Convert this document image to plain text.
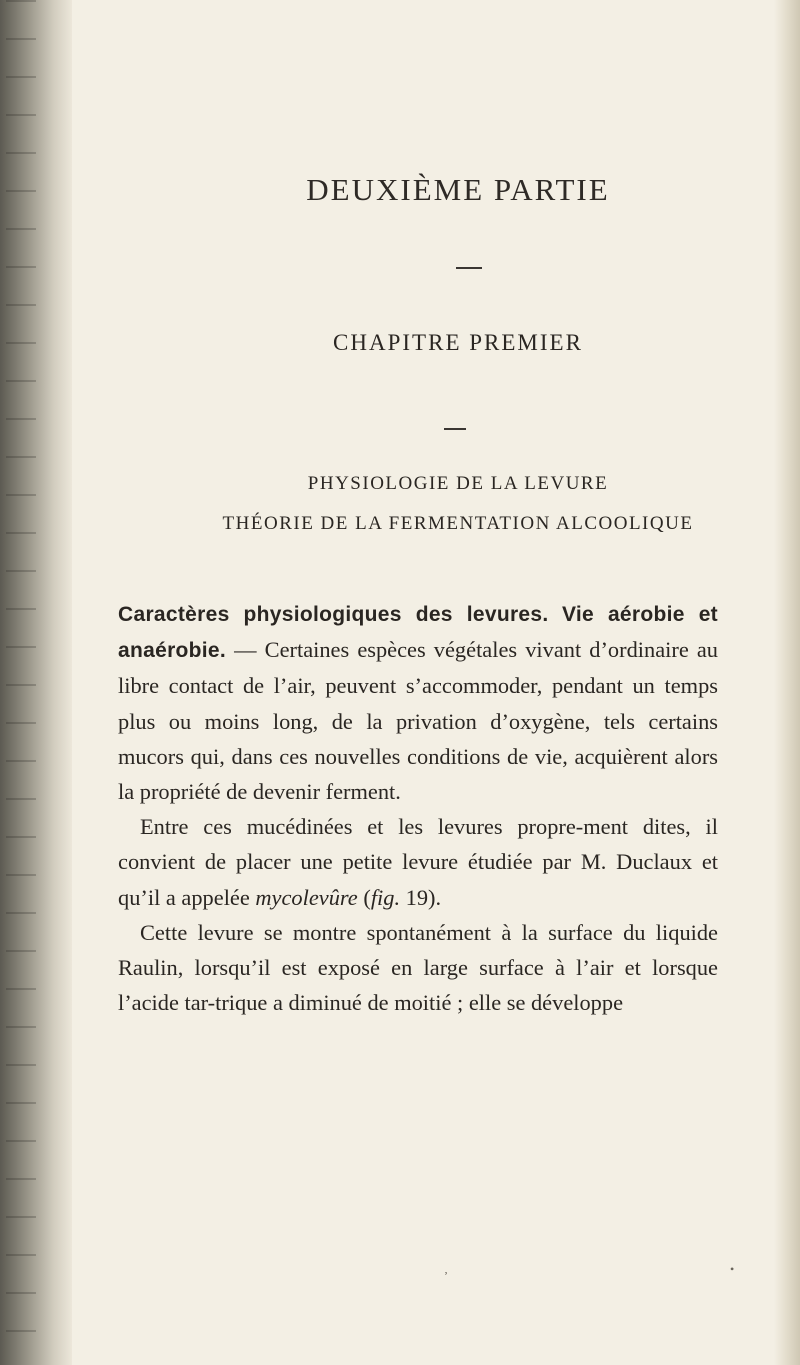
DEUXIÈME PARTIE
CHAPITRE PREMIER
PHYSIOLOGIE DE LA LEVURE
THÉORIE DE LA FERMENTATION ALCOOLIQUE

Caractères physiologiques des levures. Vie aérobie et anaérobie. — Certaines espèces végétales vivant d’ordinaire au libre contact de l’air, peuvent s’accommoder, pendant un temps plus ou moins long, de la privation d’oxygène, tels certains mucors qui, dans ces nouvelles conditions de vie, acquièrent alors la propriété de devenir ferment.

Entre ces mucédinées et les levures propre-ment dites, il convient de placer une petite levure étudiée par M. Duclaux et qu’il a appelée mycolevûre (fig. 19).

Cette levure se montre spontanément à la surface du liquide Raulin, lorsqu’il est exposé en large surface à l’air et lorsque l’acide tar-trique a diminué de moitié ; elle se développe

‚	•
